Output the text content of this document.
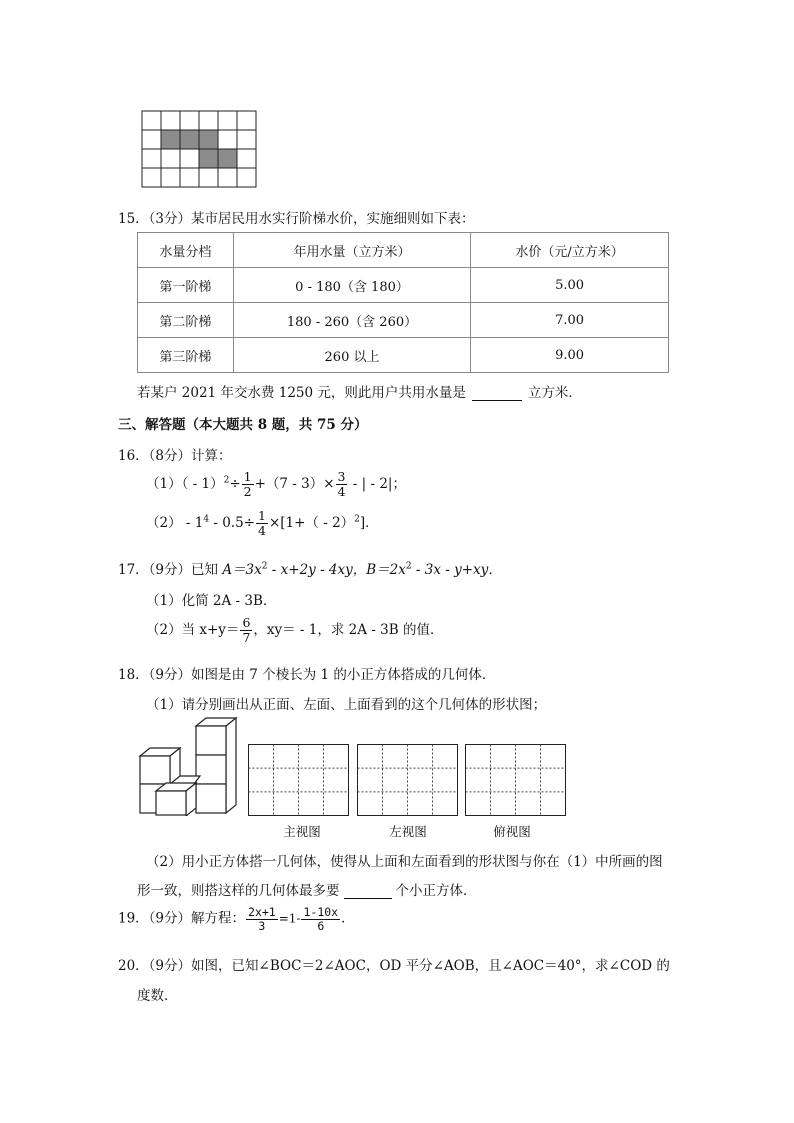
15．（3分）某市居民用水实行阶梯水价，实施细则如下表：
水量分档	年用水量（立方米）	水价（元/立方米）
第一阶梯	0 - 180（含 180）	5.00
第二阶梯	180 - 260（含 260）	7.00
第三阶梯	260 以上	9.00
若某户 2021 年交水费 1250 元，则此用户共用水量是	立方米．
三、解答题（本大题共 8 题，共 75 分）
16．（8分）计算：
$(1)( - 1)^2\div \frac{1}{2} +(7 - 3)\times \frac{3}{4}$ - | - 2|；
$(2) - 1^4 - 0.5\div \frac{1}{4} \times[1+( - 2)^2]$．
17．（9分）已知 $A=3x^2 - x+2y - 4xy$，$B=2x^2 - 3x - y+xy$．
（1）化简 2A - 3B．
（2）当 $x+y= \frac{6}{7}$ ，xy＝ - 1，求 2A - 3B 的值．
18．（9分）如图是由 7 个棱长为 1 的小正方体搭成的几何体．
（1）请分别画出从正面、左面、上面看到的这个几何体的形状图；
主视图	左视图	俯视图
（2）用小正方体搭一几何体，使得从上面和左面看到的形状图与你在（1）中所画的图
形一致，则搭这样的几何体最多要	个小正方体．
19．（9分）解方程： $\frac{2x+1}{3} =1- \frac{1-10x}{6}$ ．
20．（9分）如图，已知∠BOC＝2∠AOC，OD 平分∠AOB，且∠AOC＝40°，求∠COD 的
度数．
